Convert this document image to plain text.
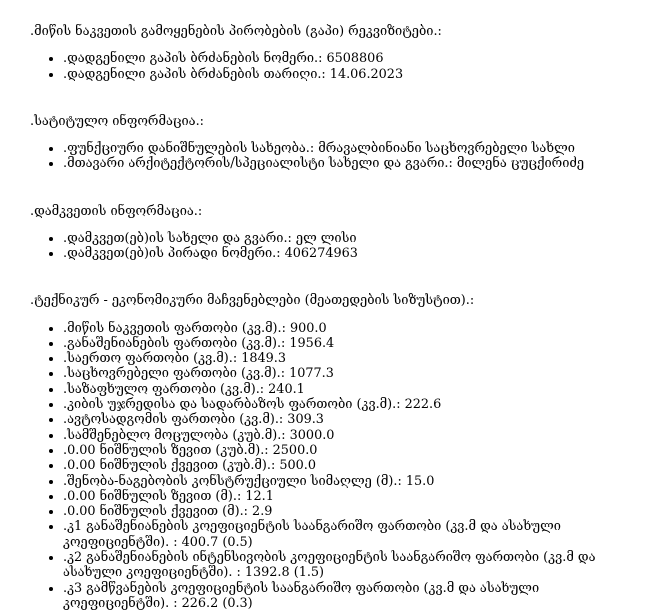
.მიწის ნაკვეთის გამოყენების პირობების (გაპი) რეკვიზიტები.:

• .დადგენილი გაპის ბრძანების ნომერი.: 6508806
• .დადგენილი გაპის ბრძანების თარიღი.: 14.06.2023

.სატიტულო ინფორმაცია.:

• .ფუნქციური დანიშნულების სახეობა.: მრავალბინიანი საცხოვრებელი სახლი
• .მთავარი არქიტექტორის/სპეციალისტი სახელი და გვარი.: მილენა ცუცქირიძე

.დამკვეთის ინფორმაცია.:

• .დამკვეთ(ებ)ის სახელი და გვარი.: ელ ლისი
• .დამკვეთ(ებ)ის პირადი ნომერი.: 406274963

.ტექნიკურ - ეკონომიკური მაჩვენებლები (მეათედების სიზუსტით).:

• .მიწის ნაკვეთის ფართობი (კვ.მ).: 900.0
• .განაშენიანების ფართობი (კვ.მ).: 1956.4
• .საერთო ფართობი (კვ.მ).: 1849.3
• .საცხოვრებელი ფართობი (კვ.მ).: 1077.3
• .საზაფხულო ფართობი (კვ.მ).: 240.1
• .კიბის უჯრედისა და სადარბაზოს ფართობი (კვ.მ).: 222.6
• .ავტოსადგომის ფართობი (კვ.მ).: 309.3
• .სამშენებლო მოცულობა (კუბ.მ).: 3000.0
• .0.00 ნიშნულის ზევით (კუბ.მ).: 2500.0
• .0.00 ნიშნულის ქვევით (კუბ.მ).: 500.0
• .შენობა-ნაგებობის კონსტრუქციული სიმაღლე (მ).: 15.0
• .0.00 ნიშნულის ზევით (მ).: 12.1
• .0.00 ნიშნულის ქვევით (მ).: 2.9
• .კ1 განაშენიანების კოეფიციენტის საანგარიშო ფართობი (კვ.მ და ასახული კოეფიციენტში). : 400.7 (0.5)
• .კ2 განაშენიანების ინტენსივობის კოეფიციენტის საანგარიშო ფართობი (კვ.მ და ასახული კოეფიციენტში). : 1392.8 (1.5)
• .კ3 გამწვანების კოეფიციენტის საანგარიშო ფართობი (კვ.მ და ასახული კოეფიციენტში). : 226.2 (0.3)
